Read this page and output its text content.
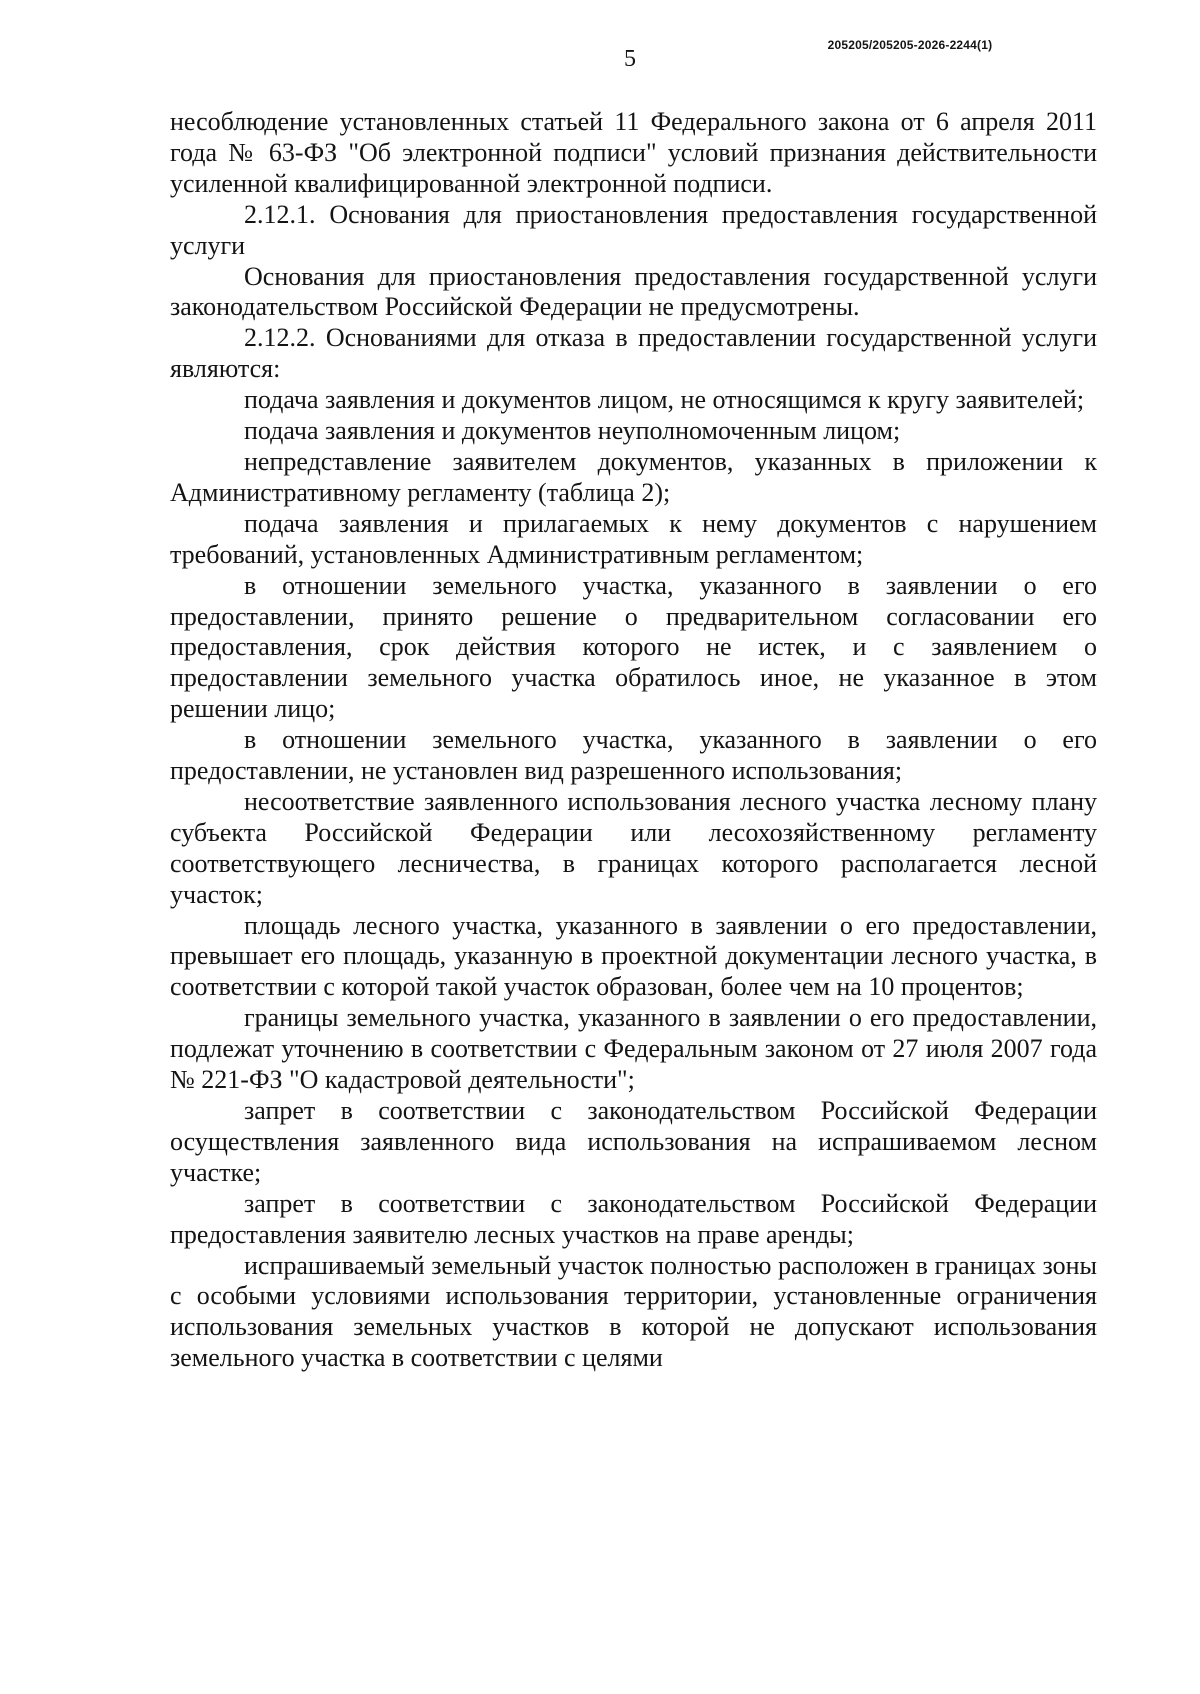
5
205205/205205-2026-2244(1)

несоблюдение установленных статьей 11 Федерального закона от 6 апреля 2011 года № 63-ФЗ "Об электронной подписи" условий признания действительности усиленной квалифицированной электронной подписи.

2.12.1. Основания для приостановления предоставления государственной услуги

Основания для приостановления предоставления государственной услуги законодательством Российской Федерации не предусмотрены.

2.12.2. Основаниями для отказа в предоставлении государственной услуги являются:

подача заявления и документов лицом, не относящимся к кругу заявителей;

подача заявления и документов неуполномоченным лицом;

непредставление заявителем документов, указанных в приложении к Административному регламенту (таблица 2);

подача заявления и прилагаемых к нему документов с нарушением требований, установленных Административным регламентом;

в отношении земельного участка, указанного в заявлении о его предоставлении, принято решение о предварительном согласовании его предоставления, срок действия которого не истек, и с заявлением о предоставлении земельного участка обратилось иное, не указанное в этом решении лицо;

в отношении земельного участка, указанного в заявлении о его предоставлении, не установлен вид разрешенного использования;

несоответствие заявленного использования лесного участка лесному плану субъекта Российской Федерации или лесохозяйственному регламенту соответствующего лесничества, в границах которого располагается лесной участок;

площадь лесного участка, указанного в заявлении о его предоставлении, превышает его площадь, указанную в проектной документации лесного участка, в соответствии с которой такой участок образован, более чем на 10 процентов;

границы земельного участка, указанного в заявлении о его предоставлении, подлежат уточнению в соответствии с Федеральным законом от 27 июля 2007 года № 221-ФЗ "О кадастровой деятельности";

запрет в соответствии с законодательством Российской Федерации осуществления заявленного вида использования на испрашиваемом лесном участке;

запрет в соответствии с законодательством Российской Федерации предоставления заявителю лесных участков на праве аренды;

испрашиваемый земельный участок полностью расположен в границах зоны с особыми условиями использования территории, установленные ограничения использования земельных участков в которой не допускают использования земельного участка в соответствии с целями
